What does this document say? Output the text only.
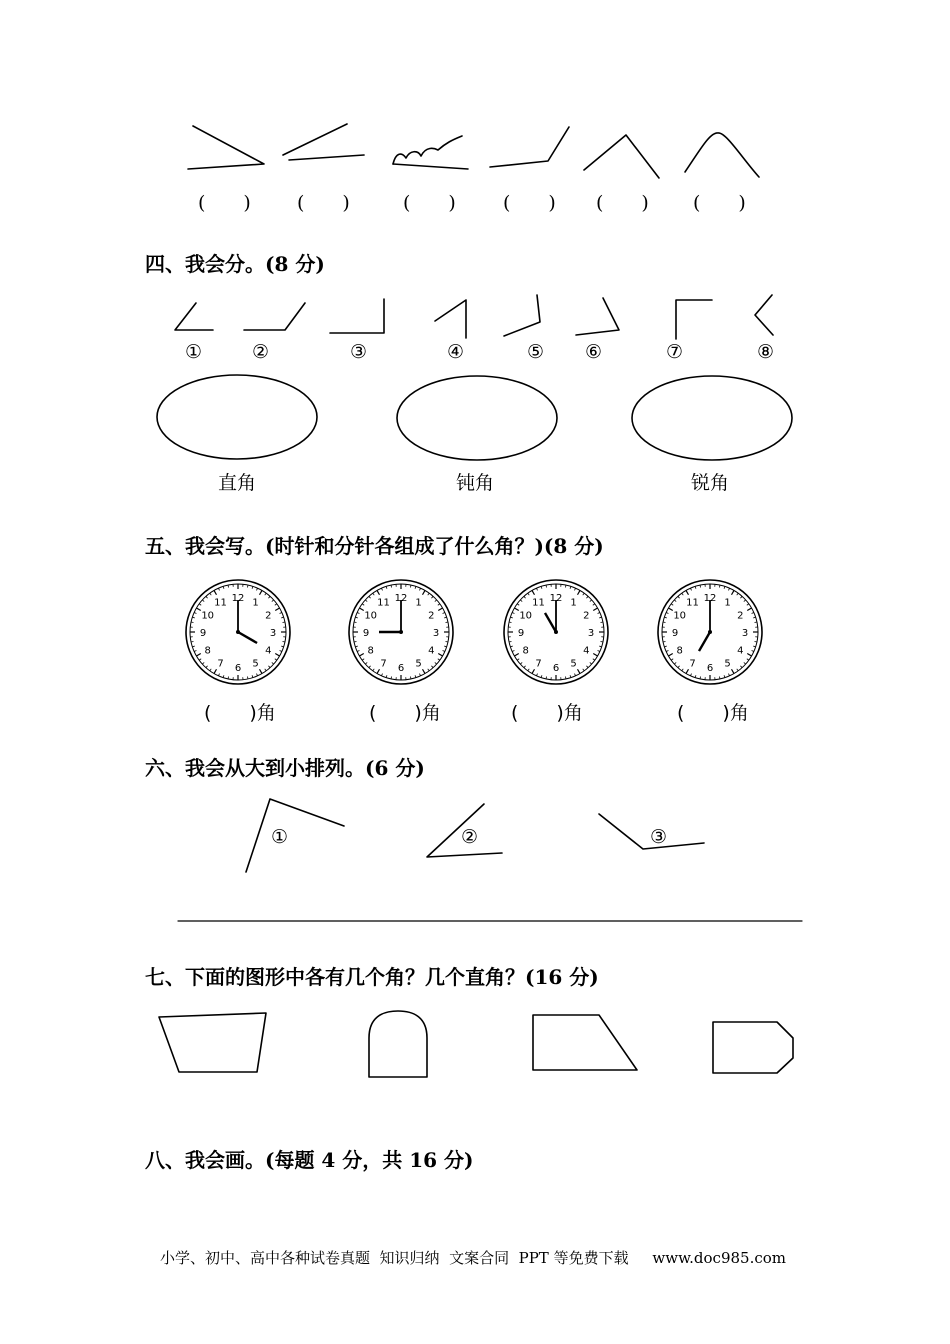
1
2
3
4
5
6
7
8
9
10
11 12	1
2
3
4
5
6
7
8
9
10
11 12	1
2
3
4
5
6
7
8
9
10
11 12	1
2
3
4
5
6
7
8
9
10
11 12
(　　) (　　)	(　　) (　　) (　　) (　　)
四、我会分。(8 分)
①	②	③	④	⑤ ⑥	⑦	⑧
直角	钝角	锐角
五、我会写。(时针和分针各组成了什么角？)(8 分)
(　　)角	(　　)角	(　　)角	(　　)角
六、我会从大到小排列。(6 分)
①	②	③
七、下面的图形中各有几个角？几个直角？(16 分)
八、我会画。(每题 4 分，共 16 分)
小学、初中、高中各种试卷真题  知识归纳  文案合同  PPT 等免费下载     www.doc985.com
